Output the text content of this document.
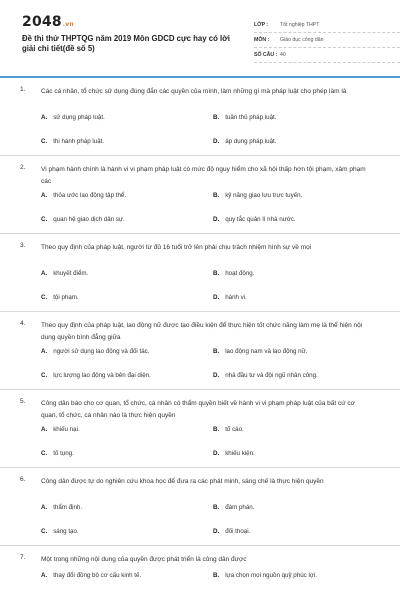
2048.vn
Đề thi thử THPTQG năm 2019 Môn GDCD cực hay có lời giải chi tiết(đề số 5)
LỚP :	Tốt nghiệp THPT
MÔN :	Giáo dục công dân
SỐ CÂU : 40
1. Các cá nhân, tổ chức sử dụng đúng đắn các quyền của mình, làm những gì mà pháp luật cho phép làm là
A. sử dụng pháp luật.	B. tuân thủ pháp luật.
C. thi hành pháp luật.	D. áp dụng pháp luật.
2. Vi phạm hành chính là hành vi vi phạm pháp luật có mức độ nguy hiểm cho xã hội thấp hơn tội phạm, xâm phạm các
A. thỏa ước lao động tập thể.	B. kỹ năng giao lưu trực tuyến.
C. quan hệ giao dịch dân sự.	D. quy tắc quản lí nhà nước.
3. Theo quy định của pháp luật, người từ đủ 16 tuổi trở lên phải chịu trách nhiệm hình sự về mọi
A. khuyết điểm.	B. hoạt động.
C. tội phạm.	D. hành vi.
4. Theo quy định của pháp luật, lao động nữ được tạo điều kiện để thực hiện tốt chức năng làm mẹ là thể hiện nội dung quyền bình đẳng giữa
A. người sử dụng lao động và đối tác.	B. lao động nam và lao động nữ.
C. lực lượng lao động và bên đại diện.	D. nhà đầu tư và đội ngũ nhân công.
5. Công dân báo cho cơ quan, tổ chức, cá nhân có thẩm quyền biết về hành vi vi phạm pháp luật của bất cứ cơ quan, tổ chức, cá nhân nào là thực hiện quyền
A. khiếu nại.	B. tố cáo.
C. tố tụng.	D. khiếu kiện.
6. Công dân được tự do nghiên cứu khoa học để đưa ra các phát minh, sáng chế là thực hiện quyền
A. thẩm định.	B. đàm phán.
C. sáng tạo.	D. đối thoại.
7. Một trong những nội dung của quyền được phát triển là công dân được
A. thay đổi đồng bộ cơ cấu kinh tế.	B. lựa chọn mọi nguồn quỹ phúc lợi.
